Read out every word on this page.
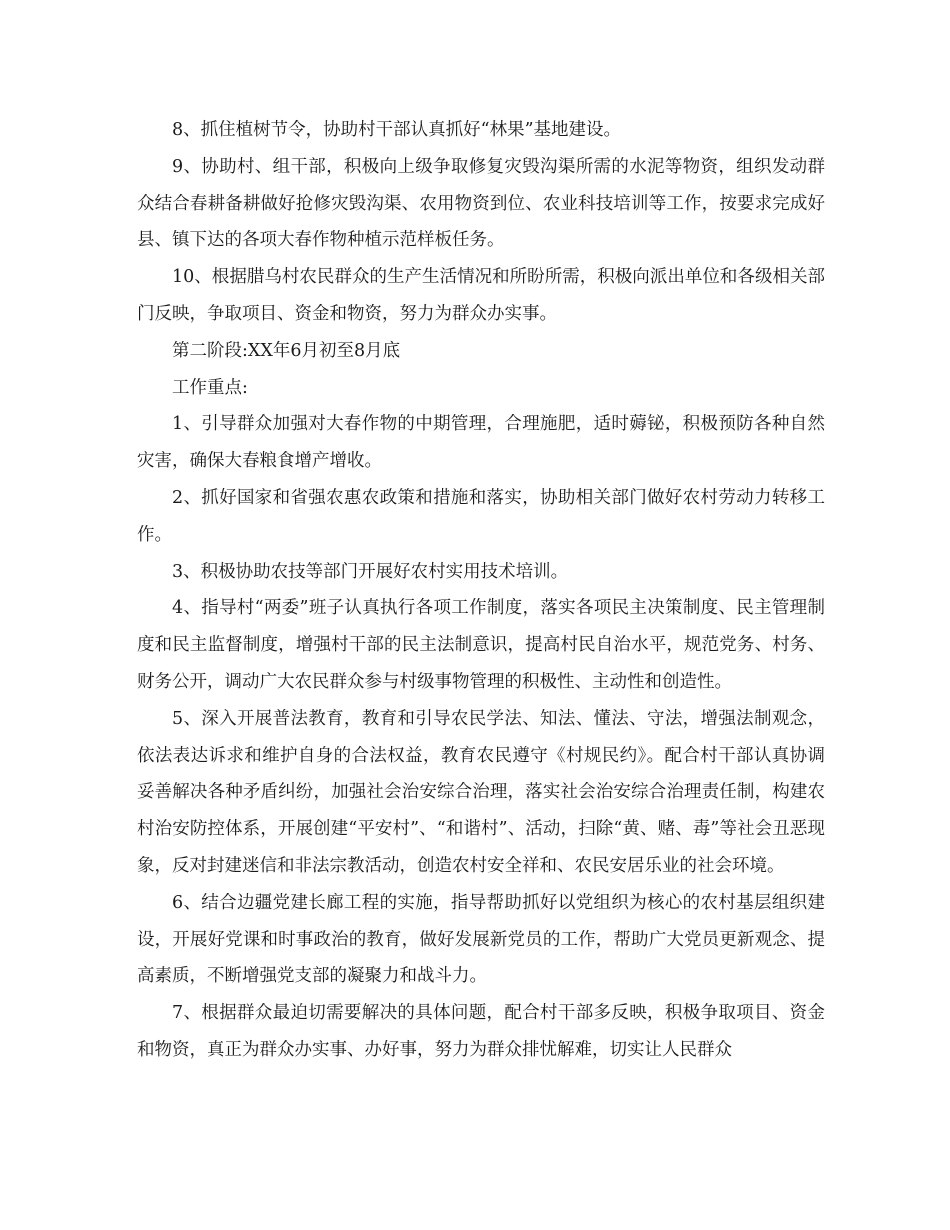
8、抓住植树节令，协助村干部认真抓好“林果”基地建设。

9、协助村、组干部，积极向上级争取修复灾毁沟渠所需的水泥等物资，组织发动群众结合春耕备耕做好抢修灾毁沟渠、农用物资到位、农业科技培训等工作，按要求完成好县、镇下达的各项大春作物种植示范样板任务。

10、根据腊乌村农民群众的生产生活情况和所盼所需，积极向派出单位和各级相关部门反映，争取项目、资金和物资，努力为群众办实事。

第二阶段:XX年6月初至8月底

工作重点:

1、引导群众加强对大春作物的中期管理，合理施肥，适时薅铋，积极预防各种自然灾害，确保大春粮食增产增收。

2、抓好国家和省强农惠农政策和措施和落实，协助相关部门做好农村劳动力转移工作。

3、积极协助农技等部门开展好农村实用技术培训。

4、指导村“两委”班子认真执行各项工作制度，落实各项民主决策制度、民主管理制度和民主监督制度，增强村干部的民主法制意识，提高村民自治水平，规范党务、村务、财务公开，调动广大农民群众参与村级事物管理的积极性、主动性和创造性。

5、深入开展普法教育，教育和引导农民学法、知法、懂法、守法，增强法制观念，依法表达诉求和维护自身的合法权益，教育农民遵守《村规民约》。配合村干部认真协调妥善解决各种矛盾纠纷，加强社会治安综合治理，落实社会治安综合治理责任制，构建农村治安防控体系，开展创建“平安村”、“和谐村”、活动，扫除“黄、赌、毒”等社会丑恶现象，反对封建迷信和非法宗教活动，创造农村安全祥和、农民安居乐业的社会环境。

6、结合边疆党建长廊工程的实施，指导帮助抓好以党组织为核心的农村基层组织建设，开展好党课和时事政治的教育，做好发展新党员的工作，帮助广大党员更新观念、提高素质，不断增强党支部的凝聚力和战斗力。

7、根据群众最迫切需要解决的具体问题，配合村干部多反映，积极争取项目、资金和物资，真正为群众办实事、办好事，努力为群众排忧解难，切实让人民群众
